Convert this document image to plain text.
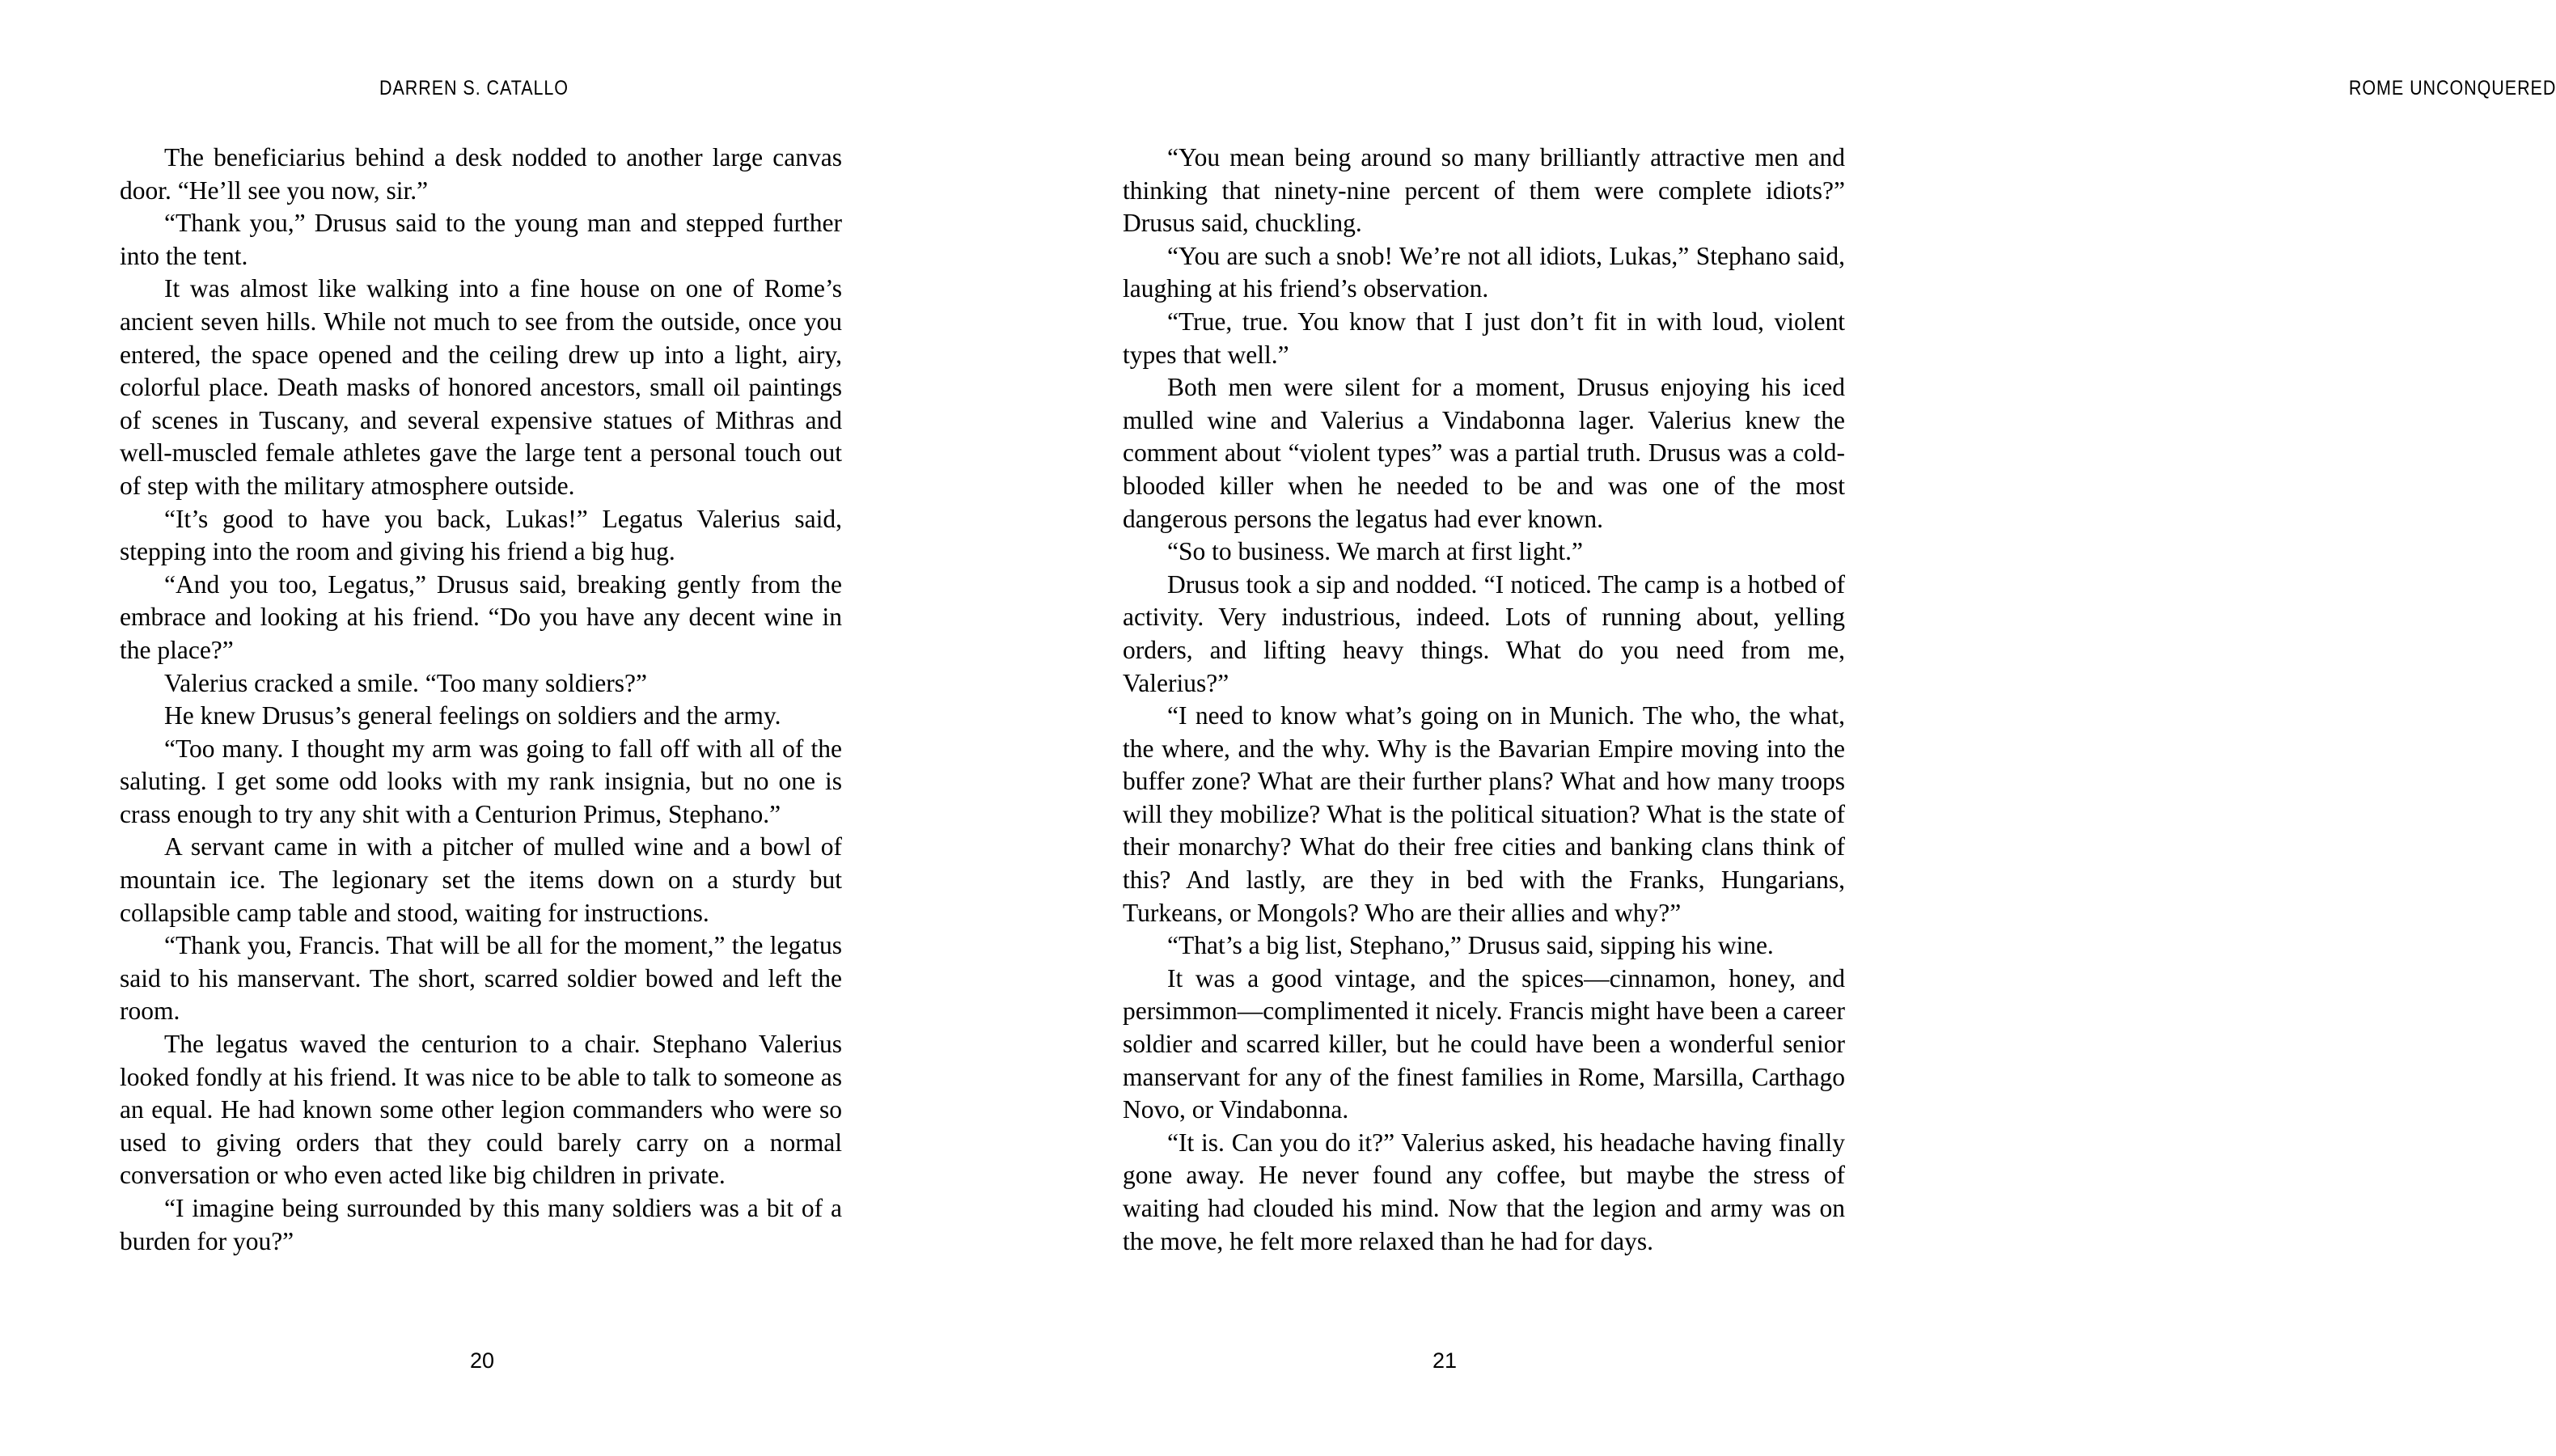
DARREN S. CATALLO

The beneficiarius behind a desk nodded to another large canvas door. “He’ll see you now, sir.”

“Thank you,” Drusus said to the young man and stepped further into the tent.

It was almost like walking into a fine house on one of Rome’s ancient seven hills. While not much to see from the outside, once you entered, the space opened and the ceiling drew up into a light, airy, colorful place. Death masks of honored ancestors, small oil paintings of scenes in Tuscany, and several expensive statues of Mithras and well-muscled female athletes gave the large tent a personal touch out of step with the military atmosphere outside.

“It’s good to have you back, Lukas!” Legatus Valerius said, stepping into the room and giving his friend a big hug.

“And you too, Legatus,” Drusus said, breaking gently from the embrace and looking at his friend. “Do you have any decent wine in the place?”

Valerius cracked a smile. “Too many soldiers?”

He knew Drusus’s general feelings on soldiers and the army.

“Too many. I thought my arm was going to fall off with all of the saluting. I get some odd looks with my rank insignia, but no one is crass enough to try any shit with a Centurion Primus, Stephano.”

A servant came in with a pitcher of mulled wine and a bowl of mountain ice. The legionary set the items down on a sturdy but collapsible camp table and stood, waiting for instructions.

“Thank you, Francis. That will be all for the moment,” the legatus said to his manservant. The short, scarred soldier bowed and left the room.

The legatus waved the centurion to a chair. Stephano Valerius looked fondly at his friend. It was nice to be able to talk to someone as an equal. He had known some other legion commanders who were so used to giving orders that they could barely carry on a normal conversation or who even acted like big children in private.

“I imagine being surrounded by this many soldiers was a bit of a burden for you?”

20
ROME UNCONQUERED

“You mean being around so many brilliantly attractive men and thinking that ninety-nine percent of them were complete idiots?” Drusus said, chuckling.

“You are such a snob! We’re not all idiots, Lukas,” Stephano said, laughing at his friend’s observation.

“True, true. You know that I just don’t fit in with loud, violent types that well.”

Both men were silent for a moment, Drusus enjoying his iced mulled wine and Valerius a Vindabonna lager. Valerius knew the comment about “violent types” was a partial truth. Drusus was a cold-blooded killer when he needed to be and was one of the most dangerous persons the legatus had ever known.

“So to business. We march at first light.”

Drusus took a sip and nodded. “I noticed. The camp is a hotbed of activity. Very industrious, indeed. Lots of running about, yelling orders, and lifting heavy things. What do you need from me, Valerius?”

“I need to know what’s going on in Munich. The who, the what, the where, and the why. Why is the Bavarian Empire moving into the buffer zone? What are their further plans? What and how many troops will they mobilize? What is the political situation? What is the state of their monarchy? What do their free cities and banking clans think of this? And lastly, are they in bed with the Franks, Hungarians, Turkeans, or Mongols? Who are their allies and why?”

“That’s a big list, Stephano,” Drusus said, sipping his wine.

It was a good vintage, and the spices—cinnamon, honey, and persimmon—complimented it nicely. Francis might have been a career soldier and scarred killer, but he could have been a wonderful senior manservant for any of the finest families in Rome, Marsilla, Carthago Novo, or Vindabonna.

“It is. Can you do it?” Valerius asked, his headache having finally gone away. He never found any coffee, but maybe the stress of waiting had clouded his mind. Now that the legion and army was on the move, he felt more relaxed than he had for days.

21
